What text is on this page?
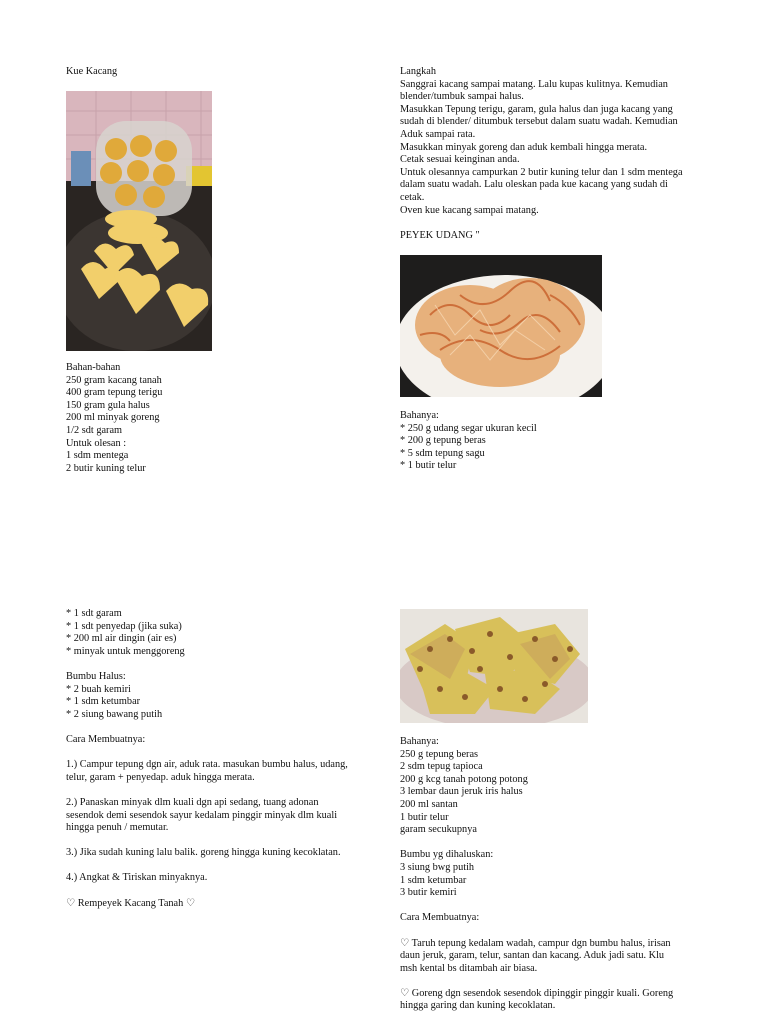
Kue Kacang
Bahan-bahan
250 gram kacang tanah
400 gram tepung terigu
150 gram gula halus
200 ml minyak goreng
1/2 sdt garam
Untuk olesan :
1 sdm mentega
2 butir kuning telur
Langkah
Sanggrai kacang sampai matang. Lalu kupas kulitnya. Kemudian
blender/tumbuk sampai halus.
Masukkan Tepung terigu, garam, gula halus dan juga kacang yang
sudah di blender/ ditumbuk tersebut dalam suatu wadah. Kemudian
Aduk sampai rata.
Masukkan minyak goreng dan aduk kembali hingga merata.
Cetak sesuai keinginan anda.
Untuk olesannya campurkan 2 butir kuning telur dan 1 sdm mentega
dalam suatu wadah. Lalu oleskan pada kue kacang yang sudah di
cetak.
Oven kue kacang sampai matang.
PEYEK UDANG "
Bahanya:
* 250 g udang segar ukuran kecil
* 200 g tepung beras
* 5 sdm tepung sagu
* 1 butir telur
* 1 sdt garam
* 1 sdt penyedap (jika suka)
* 200 ml air dingin (air es)
* minyak untuk menggoreng
Bumbu Halus:
* 2 buah kemiri
* 1 sdm ketumbar
* 2 siung bawang putih
Cara Membuatnya:
1.) Campur tepung dgn air, aduk rata. masukan bumbu halus, udang,
telur, garam + penyedap. aduk hingga merata.
2.) Panaskan minyak dlm kuali dgn api sedang, tuang adonan
sesendok demi sesendok sayur kedalam pinggir minyak dlm kuali
hingga penuh / memutar.
3.) Jika sudah kuning lalu balik. goreng hingga kuning kecoklatan.
4.) Angkat & Tiriskan minyaknya.
♡ Rempeyek Kacang Tanah ♡
Bahanya:
250 g tepung beras
2 sdm tepug tapioca
200 g kcg tanah potong potong
3 lembar daun jeruk iris halus
200 ml santan
1 butir telur
garam secukupnya
Bumbu yg dihaluskan:
3 siung bwg putih
1 sdm ketumbar
3 butir kemiri
Cara Membuatnya:
♡ Taruh tepung kedalam wadah, campur dgn bumbu halus, irisan
daun jeruk, garam, telur, santan dan kacang. Aduk jadi satu. Klu
msh kental bs ditambah air biasa.
♡ Goreng dgn sesendok sesendok dipinggir pinggir kuali. Goreng
hingga garing dan kuning kecoklatan.
